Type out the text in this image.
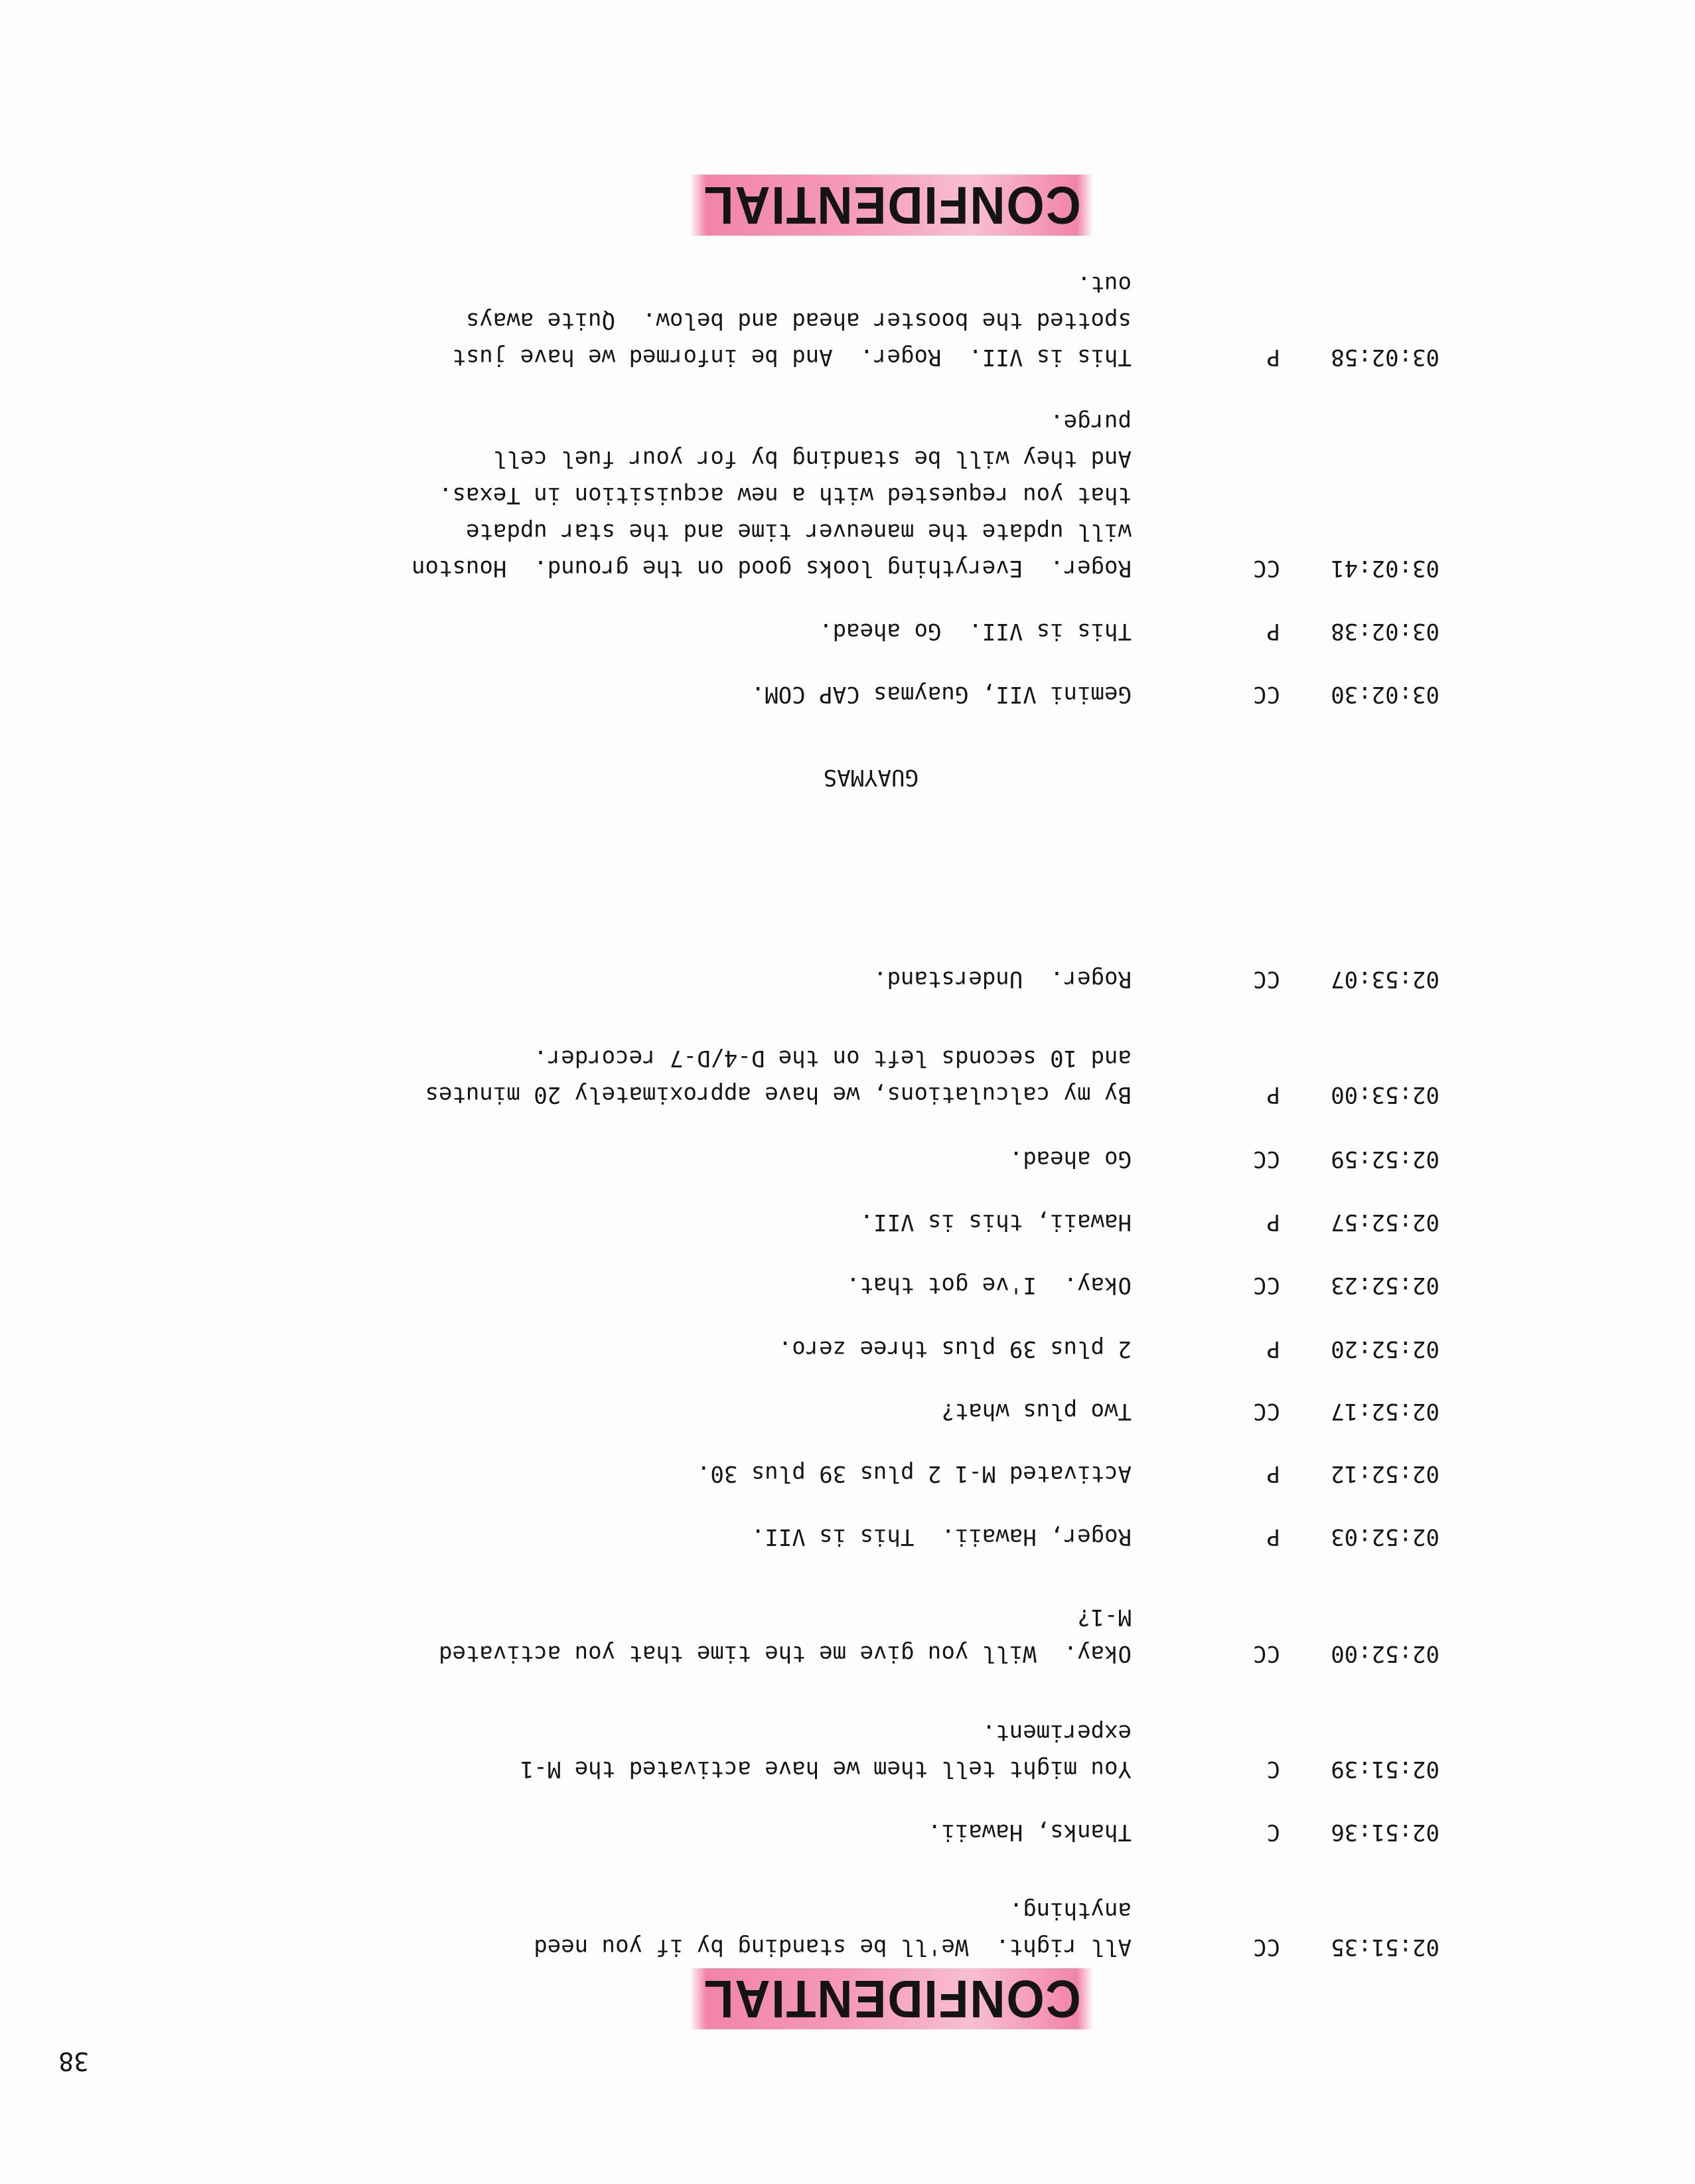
38
CONFIDENTIAL
02:51:35
CC
All right.  We'll be standing by if you need
anything.
02:51:36
C
Thanks, Hawaii.
02:51:39
C
You might tell them we have activated the M-1
experiment.
02:52:00
CC
Okay.  Will you give me the time that you activated
M-1?
02:52:03
P
Roger, Hawaii.  This is VII.
02:52:12
P
Activated M-1 2 plus 39 plus 30.
02:52:17
CC
Two plus what?
02:52:20
P
2 plus 39 plus three zero.
02:52:23
CC
Okay.  I've got that.
02:52:57
P
Hawaii, this is VII.
02:52:59
CC
Go ahead.
02:53:00
P
By my calculations, we have approximately 20 minutes
and 10 seconds left on the D-4/D-7 recorder.
02:53:07
CC
Roger.  Understand.
GUAYMAS
03:02:30
CC
Gemini VII, Guaymas CAP COM.
03:02:38
P
This is VII.  Go ahead.
03:02:41
CC
Roger.  Everything looks good on the ground.  Houston
will update the maneuver time and the star update
that you requested with a new acquisition in Texas.
And they will be standing by for your fuel cell
purge.
03:02:58
P
This is VII.  Roger.  And be informed we have just
spotted the booster ahead and below.  Quite aways
out.
CONFIDENTIAL
